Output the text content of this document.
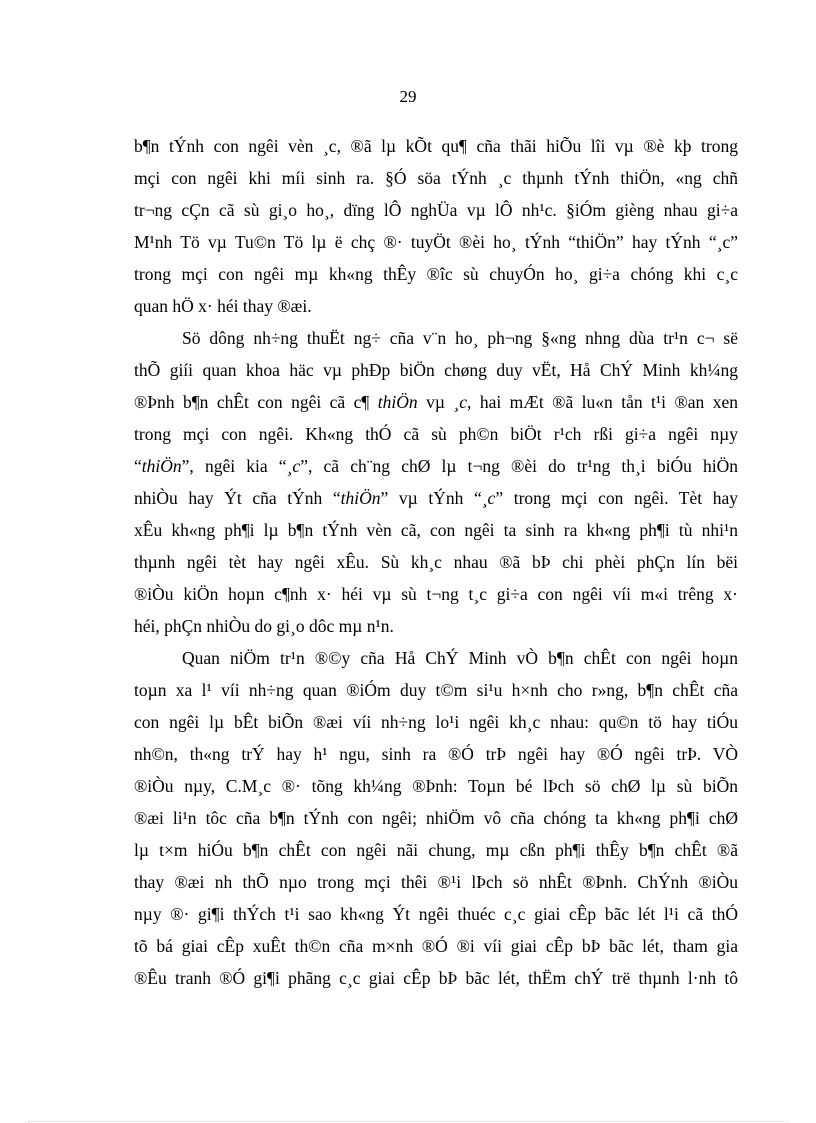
29
b¶n tÝnh con ngêi vèn ¸c, ®ã lµ kÕt qu¶ cña thãi hiÕu lîi vµ ®è kþ trong
mçi con ngêi khi míi sinh ra. §Ó söa tÝnh ¸c thµnh tÝnh thiÖn, «ng chñ
tr¬ng cÇn cã sù gi¸o ho¸, dïng lÔ nghÜa vµ lÔ nh¹c. §iÓm gièng nhau gi÷a
M¹nh Tö vµ Tu©n Tö lµ ë chç ®· tuyÖt ®èi ho¸ tÝnh “thiÖn” hay tÝnh “¸c”
trong mçi con ngêi mµ kh«ng thÊy ®îc sù chuyÓn ho¸ gi÷a chóng khi c¸c
quan hÖ x· héi thay ®æi.
Sö dông nh÷ng thuËt ng÷ cña v¨n ho¸ ph¬ng §«ng nhng dùa tr¹n c¬ së
thÕ giíi quan khoa häc vµ phÐp biÖn chøng duy vËt, Hå ChÝ Minh kh¼ng
®Þnh b¶n chÊt con ngêi cã c¶ thiÖn vµ ¸c, hai mÆt ®ã lu«n tån t¹i ®an xen
trong mçi con ngêi. Kh«ng thÓ cã sù ph©n biÖt r¹ch rßi gi÷a ngêi nµy
“thiÖn”, ngêi kia “¸c”, cã ch¨ng chØ lµ t¬ng ®èi do tr¹ng th¸i biÓu hiÖn
nhiÒu hay Ýt cña tÝnh “thiÖn” vµ tÝnh “¸c” trong mçi con ngêi. Tèt hay
xÊu kh«ng ph¶i lµ b¶n tÝnh vèn cã, con ngêi ta sinh ra kh«ng ph¶i tù nhi¹n
thµnh ngêi tèt hay ngêi xÊu. Sù kh¸c nhau ®ã bÞ chi phèi phÇn lín bëi
®iÒu kiÖn hoµn c¶nh x· héi vµ sù t¬ng t¸c gi÷a con ngêi víi m«i trêng x·
héi, phÇn nhiÒu do gi¸o dôc mµ n¹n.
Quan niÖm tr¹n ®©y cña Hå ChÝ Minh vÒ b¶n chÊt con ngêi hoµn
toµn xa l¹ víi nh÷ng quan ®iÓm duy t©m si¹u h×nh cho r»ng, b¶n chÊt cña
con ngêi lµ bÊt biÕn ®æi víi nh÷ng lo¹i ngêi kh¸c nhau: qu©n tö hay tiÓu
nh©n, th«ng trÝ hay h¹ ngu, sinh ra ®Ó trÞ ngêi hay ®Ó ngêi trÞ. VÒ
®iÒu nµy, C.M¸c ®· tõng kh¼ng ®Þnh: Toµn bé lÞch sö chØ lµ sù biÕn
®æi li¹n tôc cña b¶n tÝnh con ngêi; nhiÖm vô cña chóng ta kh«ng ph¶i chØ
lµ t×m hiÓu b¶n chÊt con ngêi nãi chung, mµ cßn ph¶i thÊy b¶n chÊt ®ã
thay ®æi nh thÕ nµo trong mçi thêi ®¹i lÞch sö nhÊt ®Þnh. ChÝnh ®iÒu
nµy ®· gi¶i thÝch t¹i sao kh«ng Ýt ngêi thuéc c¸c giai cÊp bãc lét l¹i cã thÓ
tõ bá giai cÊp xuÊt th©n cña m×nh ®Ó ®i víi giai cÊp bÞ bãc lét, tham gia
®Êu tranh ®Ó gi¶i phãng c¸c giai cÊp bÞ bãc lét, thËm chÝ trë thµnh l·nh tô
